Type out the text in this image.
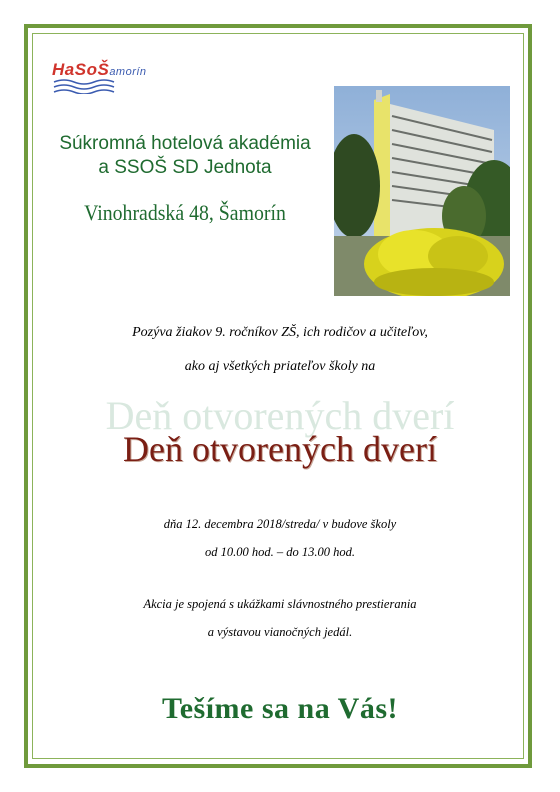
HaSoŠamorín
Súkromná hotelová akadémia
a SSOŠ SD Jednota
Vinohradská 48, Šamorín
Pozýva žiakov 9. ročníkov ZŠ, ich rodičov a učiteľov,
ako aj všetkých priateľov školy na
Deň otvorených dverí
Deň otvorených dverí
dňa 12. decembra 2018/streda/ v budove školy
od 10.00 hod. – do 13.00 hod.
Akcia je spojená s ukážkami slávnostného prestierania
a výstavou vianočných jedál.
Tešíme sa na Vás!
